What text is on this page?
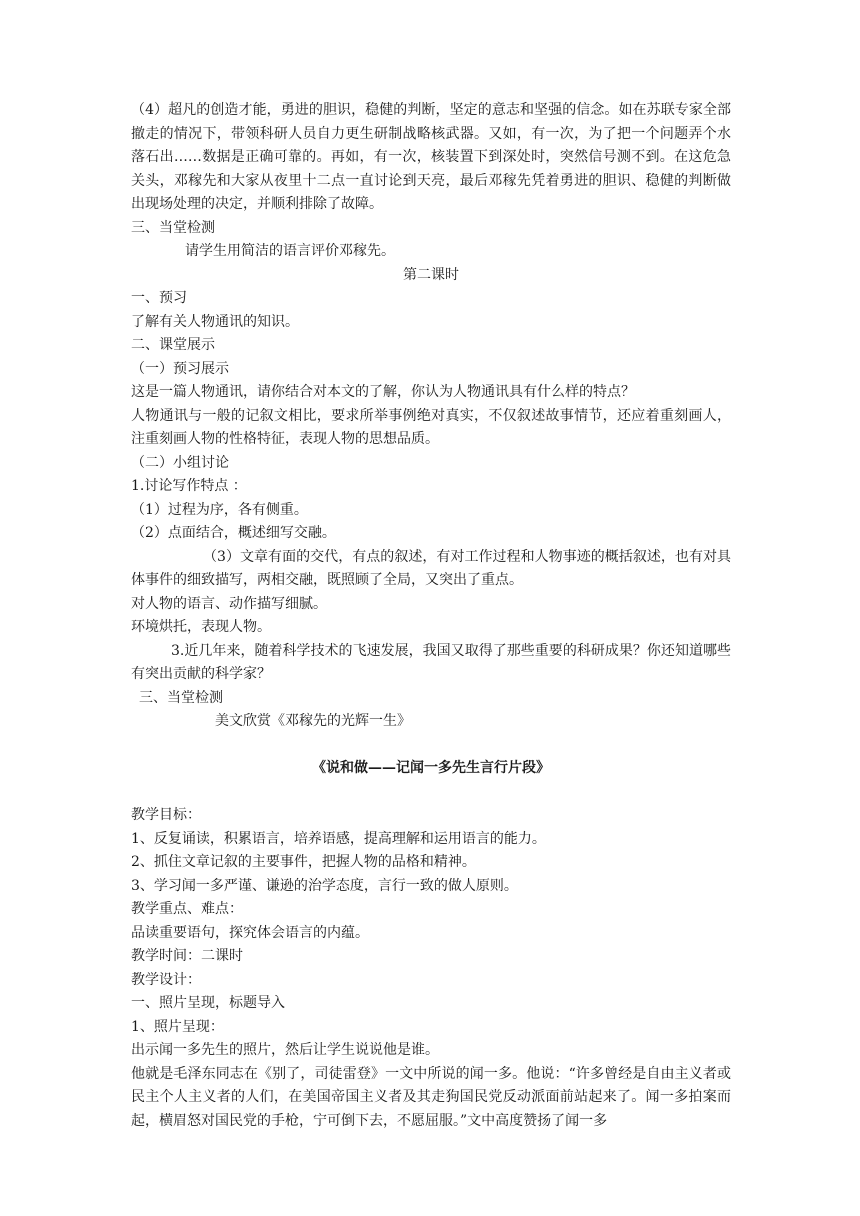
（4）超凡的创造才能，勇进的胆识，稳健的判断，坚定的意志和坚强的信念。如在苏联专家全部撤走的情况下，带领科研人员自力更生研制战略核武器。又如，有一次，为了把一个问题弄个水落石出……数据是正确可靠的。再如，有一次，核装置下到深处时，突然信号测不到。在这危急关头，邓稼先和大家从夜里十二点一直讨论到天亮，最后邓稼先凭着勇进的胆识、稳健的判断做出现场处理的决定，并顺利排除了故障。

三、当堂检测

请学生用简洁的语言评价邓稼先。

第二课时

一、预习

了解有关人物通讯的知识。

二、课堂展示

（一）预习展示

这是一篇人物通讯，请你结合对本文的了解，你认为人物通讯具有什么样的特点？

人物通讯与一般的记叙文相比，要求所举事例绝对真实，不仅叙述故事情节，还应着重刻画人，注重刻画人物的性格特征，表现人物的思想品质。

（二）小组讨论

1.讨论写作特点 ：

（1）过程为序，各有侧重。

（2）点面结合，概述细写交融。

（3）文章有面的交代，有点的叙述，有对工作过程和人物事迹的概括叙述，也有对具体事件的细致描写，两相交融，既照顾了全局，又突出了重点。

对人物的语言、动作描写细腻。

环境烘托，表现人物。

3.近几年来，随着科学技术的飞速发展，我国又取得了那些重要的科研成果？你还知道哪些有突出贡献的科学家？

三、当堂检测

美文欣赏《邓稼先的光辉一生》

《说和做——记闻一多先生言行片段》

教学目标：

1、反复诵读，积累语言，培养语感，提高理解和运用语言的能力。

2、抓住文章记叙的主要事件，把握人物的品格和精神。

3、学习闻一多严谨、谦逊的治学态度，言行一致的做人原则。

教学重点、难点：

品读重要语句，探究体会语言的内蕴。

教学时间：二课时

教学设计：

一、照片呈现，标题导入

1、照片呈现：

出示闻一多先生的照片，然后让学生说说他是谁。

他就是毛泽东同志在《别了，司徒雷登》一文中所说的闻一多。他说：“许多曾经是自由主义者或民主个人主义者的人们，在美国帝国主义者及其走狗国民党反动派面前站起来了。闻一多拍案而起，横眉怒对国民党的手枪，宁可倒下去，不愿屈服。”文中高度赞扬了闻一多
